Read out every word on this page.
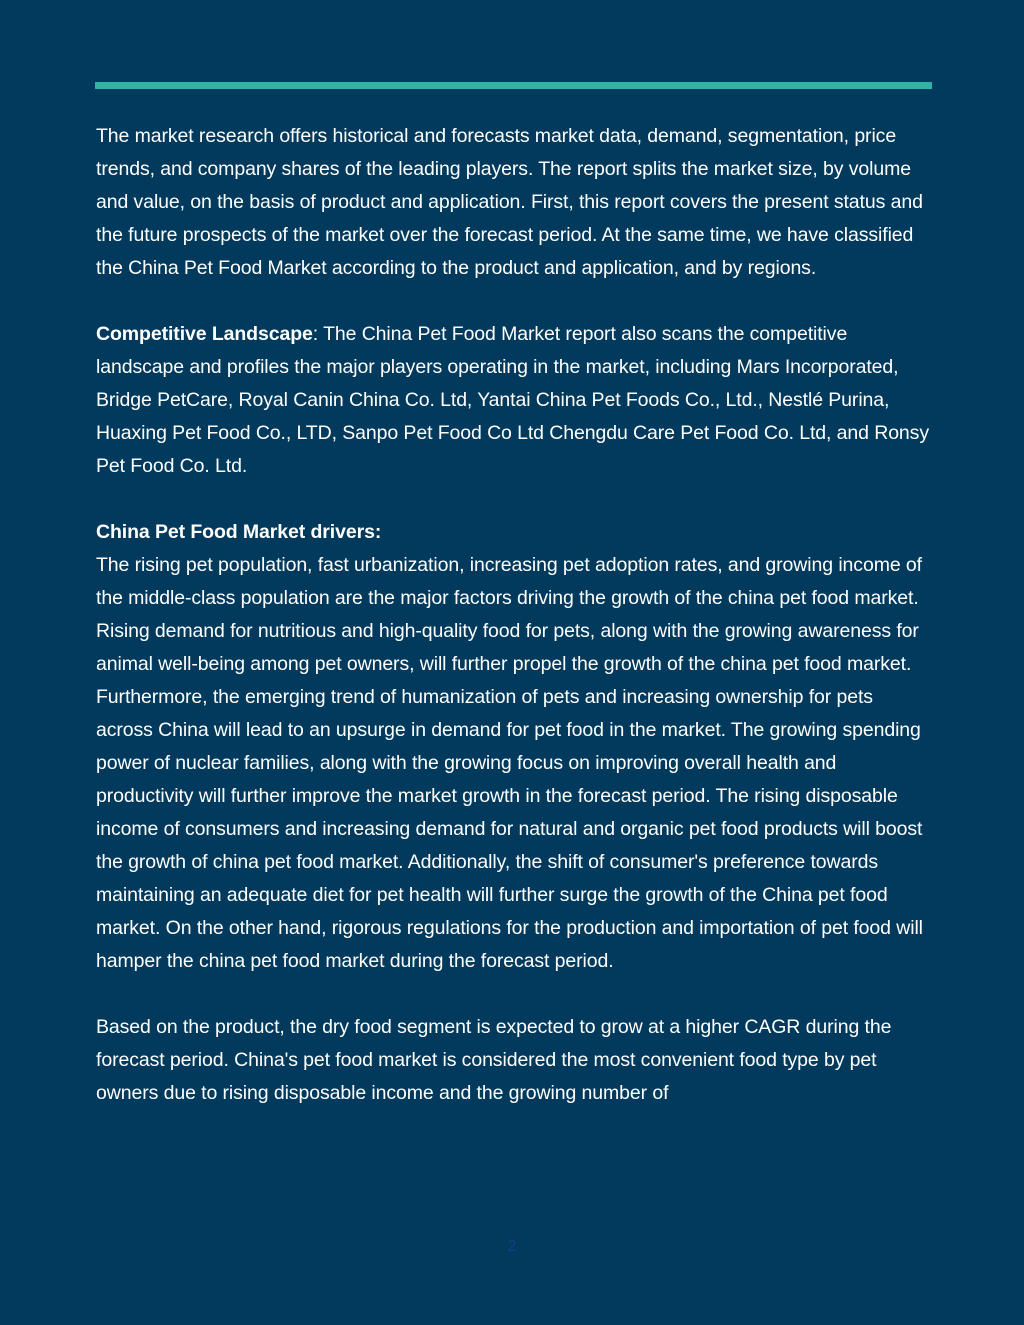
The market research offers historical and forecasts market data, demand, segmentation, price trends, and company shares of the leading players. The report splits the market size, by volume and value, on the basis of product and application. First, this report covers the present status and the future prospects of the market over the forecast period. At the same time, we have classified the China Pet Food Market according to the product and application, and by regions.

Competitive Landscape: The China Pet Food Market report also scans the competitive landscape and profiles the major players operating in the market, including Mars Incorporated, Bridge PetCare, Royal Canin China Co. Ltd, Yantai China Pet Foods Co., Ltd., Nestlé Purina, Huaxing Pet Food Co., LTD, Sanpo Pet Food Co Ltd Chengdu Care Pet Food Co. Ltd, and Ronsy Pet Food Co. Ltd.

China Pet Food Market drivers:

The rising pet population, fast urbanization, increasing pet adoption rates, and growing income of the middle-class population are the major factors driving the growth of the china pet food market. Rising demand for nutritious and high-quality food for pets, along with the growing awareness for animal well-being among pet owners, will further propel the growth of the china pet food market. Furthermore, the emerging trend of humanization of pets and increasing ownership for pets across China will lead to an upsurge in demand for pet food in the market. The growing spending power of nuclear families, along with the growing focus on improving overall health and productivity will further improve the market growth in the forecast period. The rising disposable income of consumers and increasing demand for natural and organic pet food products will boost the growth of china pet food market. Additionally, the shift of consumer's preference towards maintaining an adequate diet for pet health will further surge the growth of the China pet food market. On the other hand, rigorous regulations for the production and importation of pet food will hamper the china pet food market during the forecast period.

Based on the product, the dry food segment is expected to grow at a higher CAGR during the forecast period. China's pet food market is considered the most convenient food type by pet owners due to rising disposable income and the growing number of

2
